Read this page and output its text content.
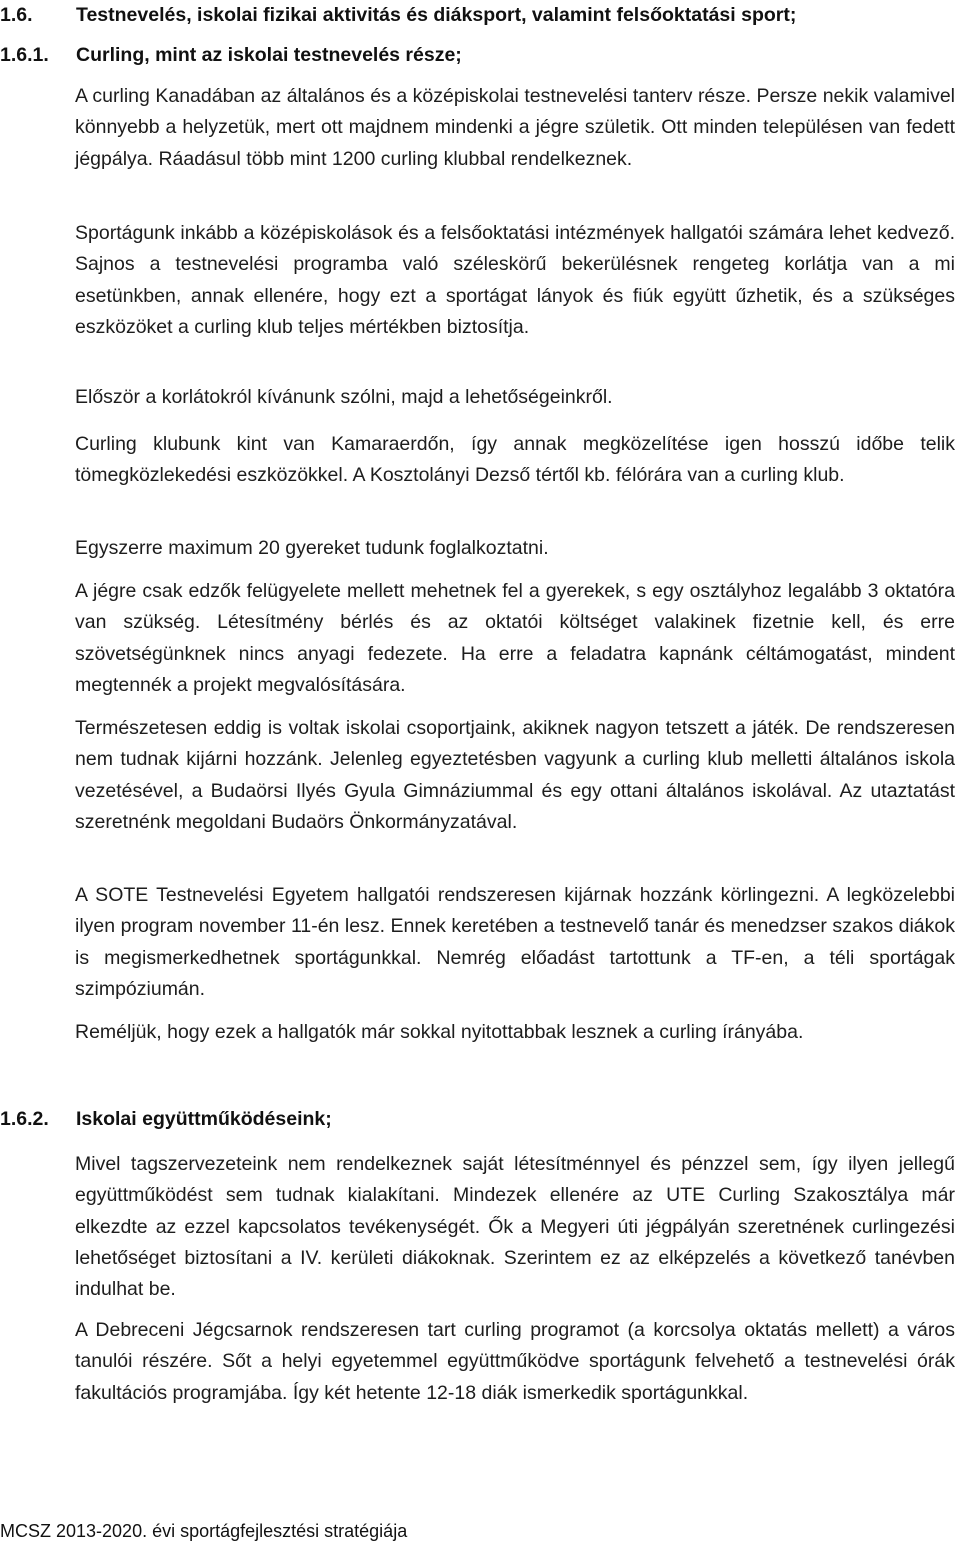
1.6. Testnevelés, iskolai fizikai aktivitás és diáksport, valamint felsőoktatási sport;
1.6.1. Curling, mint az iskolai testnevelés része;
A curling Kanadában az általános és a középiskolai testnevelési tanterv része. Persze nekik valamivel könnyebb a helyzetük, mert ott majdnem mindenki a jégre születik. Ott minden településen van fedett jégpálya. Ráadásul több mint 1200 curling klubbal rendelkeznek.
Sportágunk inkább a középiskolások és a felsőoktatási intézmények hallgatói számára lehet kedvező. Sajnos a testnevelési programba való széleskörű bekerülésnek rengeteg korlátja van a mi esetünkben, annak ellenére, hogy ezt a sportágat lányok és fiúk együtt űzhetik, és a szükséges eszközöket a curling klub teljes mértékben biztosítja.
Először a korlátokról kívánunk szólni, majd a lehetőségeinkről.
Curling klubunk kint van Kamaraerdőn, így annak megközelítése igen hosszú időbe telik tömegközlekedési eszközökkel. A Kosztolányi Dezső tértől kb. félórára van a curling klub.
Egyszerre maximum 20 gyereket tudunk foglalkoztatni.
A jégre csak edzők felügyelete mellett mehetnek fel a gyerekek, s egy osztályhoz legalább 3 oktatóra van szükség. Létesítmény bérlés és az oktatói költséget valakinek fizetnie kell, és erre szövetségünknek nincs anyagi fedezete. Ha erre a feladatra kapnánk céltámogatást, mindent megtennék a projekt megvalósítására.
Természetesen eddig is voltak iskolai csoportjaink, akiknek nagyon tetszett a játék. De rendszeresen nem tudnak kijárni hozzánk. Jelenleg egyeztetésben vagyunk a curling klub melletti általános iskola vezetésével, a Budaörsi Ilyés Gyula Gimnáziummal és egy ottani általános iskolával. Az utaztatást szeretnénk megoldani Budaörs Önkormányzatával.
A SOTE Testnevelési Egyetem hallgatói rendszeresen kijárnak hozzánk körlingezni. A legközelebbi ilyen program november 11-én lesz. Ennek keretében a testnevelő tanár és menedzser szakos diákok is megismerkedhetnek sportágunkkal. Nemrég előadást tartottunk a TF-en, a téli sportágak szimpóziumán.
Reméljük, hogy ezek a hallgatók már sokkal nyitottabbak lesznek a curling írányába.
1.6.2. Iskolai együttműködéseink;
Mivel tagszervezeteink nem rendelkeznek saját létesítménnyel és pénzzel sem, így ilyen jellegű együttműködést sem tudnak kialakítani. Mindezek ellenére az UTE Curling Szakosztálya már elkezdte az ezzel kapcsolatos tevékenységét. Ők a Megyeri úti jégpályán szeretnének curlingezési lehetőséget biztosítani a IV. kerületi diákoknak. Szerintem ez az elképzelés a következő tanévben indulhat be.
A Debreceni Jégcsarnok rendszeresen tart curling programot (a korcsolya oktatás mellett) a város tanulói részére. Sőt a helyi egyetemmel együttműködve sportágunk felvehető a testnevelési órák fakultációs programjába. Így két hetente 12-18 diák ismerkedik sportágunkkal.
MCSZ 2013-2020. évi sportágfejlesztési stratégiája
